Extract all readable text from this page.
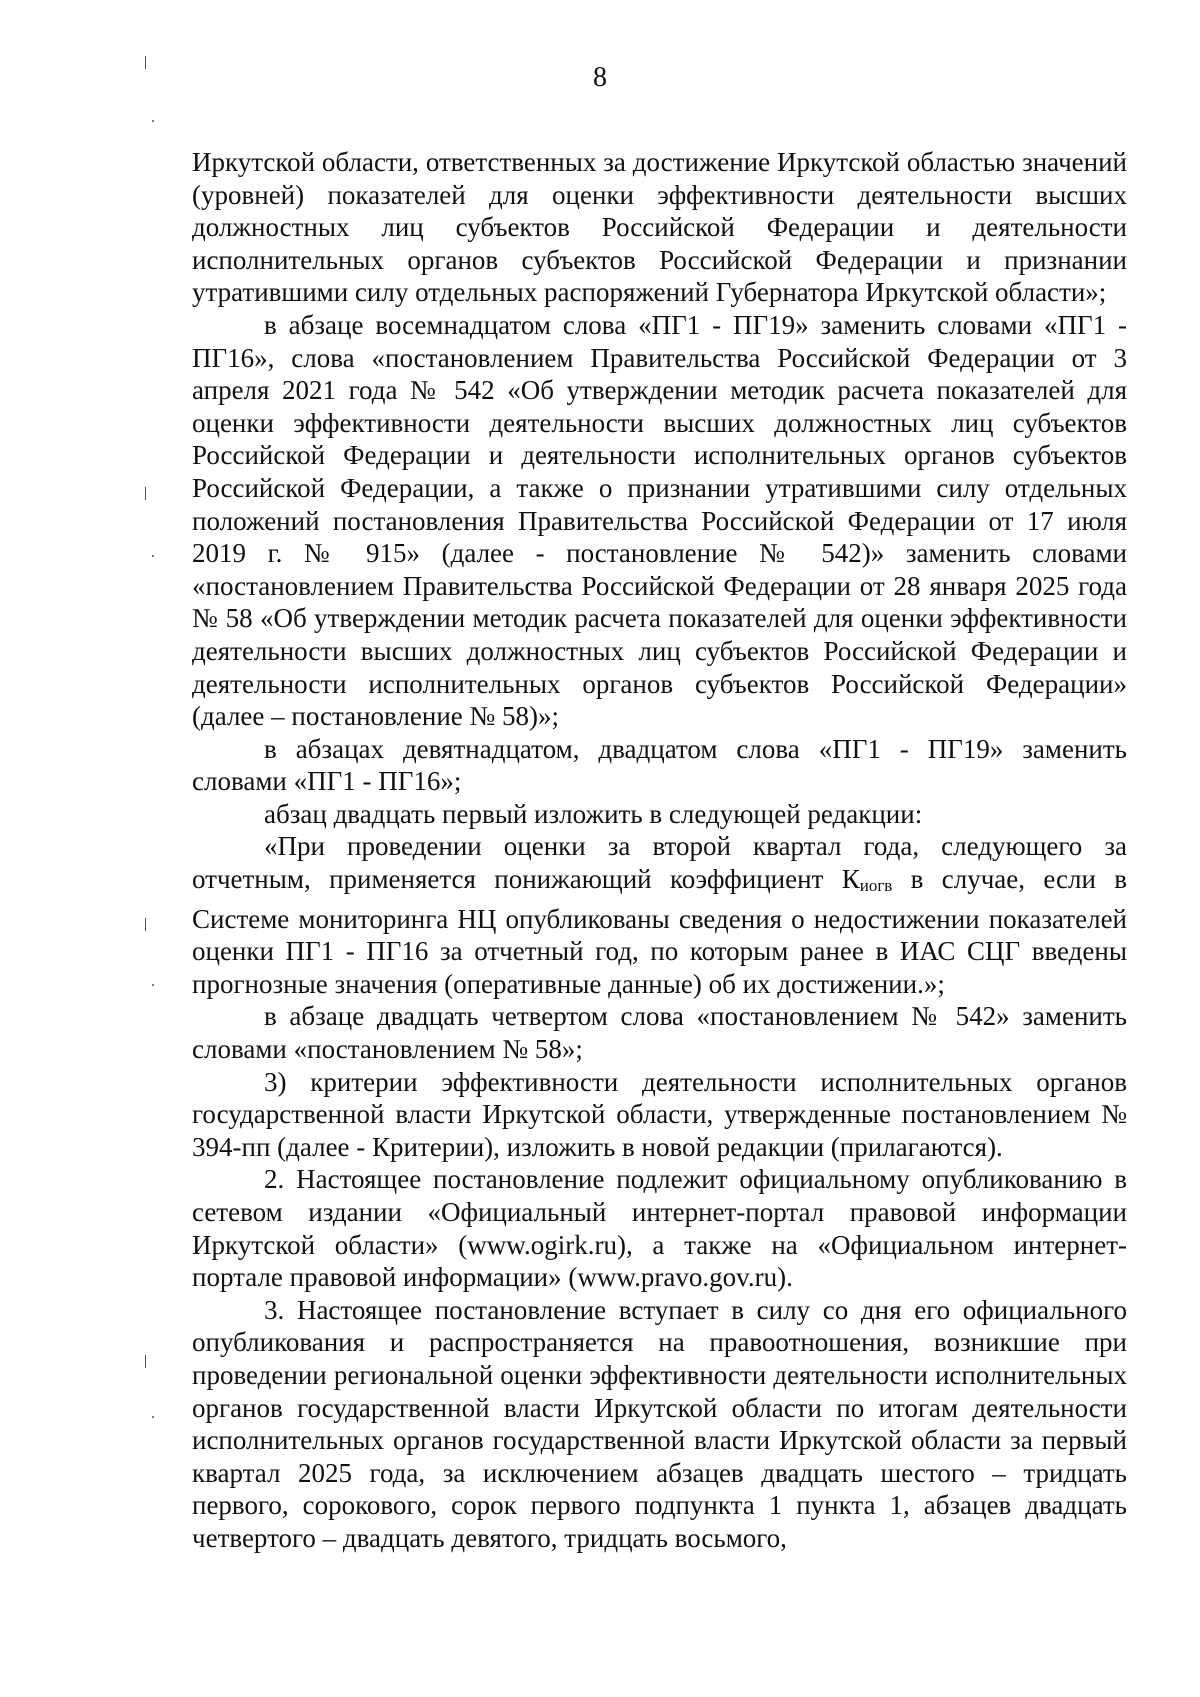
8

Иркутской области, ответственных за достижение Иркутской областью значений (уровней) показателей для оценки эффективности деятельности высших должностных лиц субъектов Российской Федерации и деятельности исполнительных органов субъектов Российской Федерации и признании утратившими силу отдельных распоряжений Губернатора Иркутской области»;

в абзаце восемнадцатом слова «ПГ1 - ПГ19» заменить словами «ПГ1 - ПГ16», слова «постановлением Правительства Российской Федерации от 3 апреля 2021 года № 542 «Об утверждении методик расчета показателей для оценки эффективности деятельности высших должностных лиц субъектов Российской Федерации и деятельности исполнительных органов субъектов Российской Федерации, а также о признании утратившими силу отдельных положений постановления Правительства Российской Федерации от 17 июля 2019 г. № 915» (далее - постановление № 542)» заменить словами «постановлением Правительства Российской Федерации от 28 января 2025 года № 58 «Об утверждении методик расчета показателей для оценки эффективности деятельности высших должностных лиц субъектов Российской Федерации и деятельности исполнительных органов субъектов Российской Федерации» (далее – постановление № 58)»;

в абзацах девятнадцатом, двадцатом слова «ПГ1 - ПГ19» заменить словами «ПГ1 - ПГ16»;

абзац двадцать первый изложить в следующей редакции:

«При проведении оценки за второй квартал года, следующего за отчетным, применяется понижающий коэффициент Киогв в случае, если в Системе мониторинга НЦ опубликованы сведения о недостижении показателей оценки ПГ1 - ПГ16 за отчетный год, по которым ранее в ИАС СЦГ введены прогнозные значения (оперативные данные) об их достижении.»;

в абзаце двадцать четвертом слова «постановлением № 542» заменить словами «постановлением № 58»;

3) критерии эффективности деятельности исполнительных органов государственной власти Иркутской области, утвержденные постановлением № 394-пп (далее - Критерии), изложить в новой редакции (прилагаются).

2. Настоящее постановление подлежит официальному опубликованию в сетевом издании «Официальный интернет-портал правовой информации Иркутской области» (www.ogirk.ru), а также на «Официальном интернет-портале правовой информации» (www.pravo.gov.ru).

3. Настоящее постановление вступает в силу со дня его официального опубликования и распространяется на правоотношения, возникшие при проведении региональной оценки эффективности деятельности исполнительных органов государственной власти Иркутской области по итогам деятельности исполнительных органов государственной власти Иркутской области за первый квартал 2025 года, за исключением абзацев двадцать шестого – тридцать первого, сорокового, сорок первого подпункта 1 пункта 1, абзацев двадцать четвертого – двадцать девятого, тридцать восьмого,
